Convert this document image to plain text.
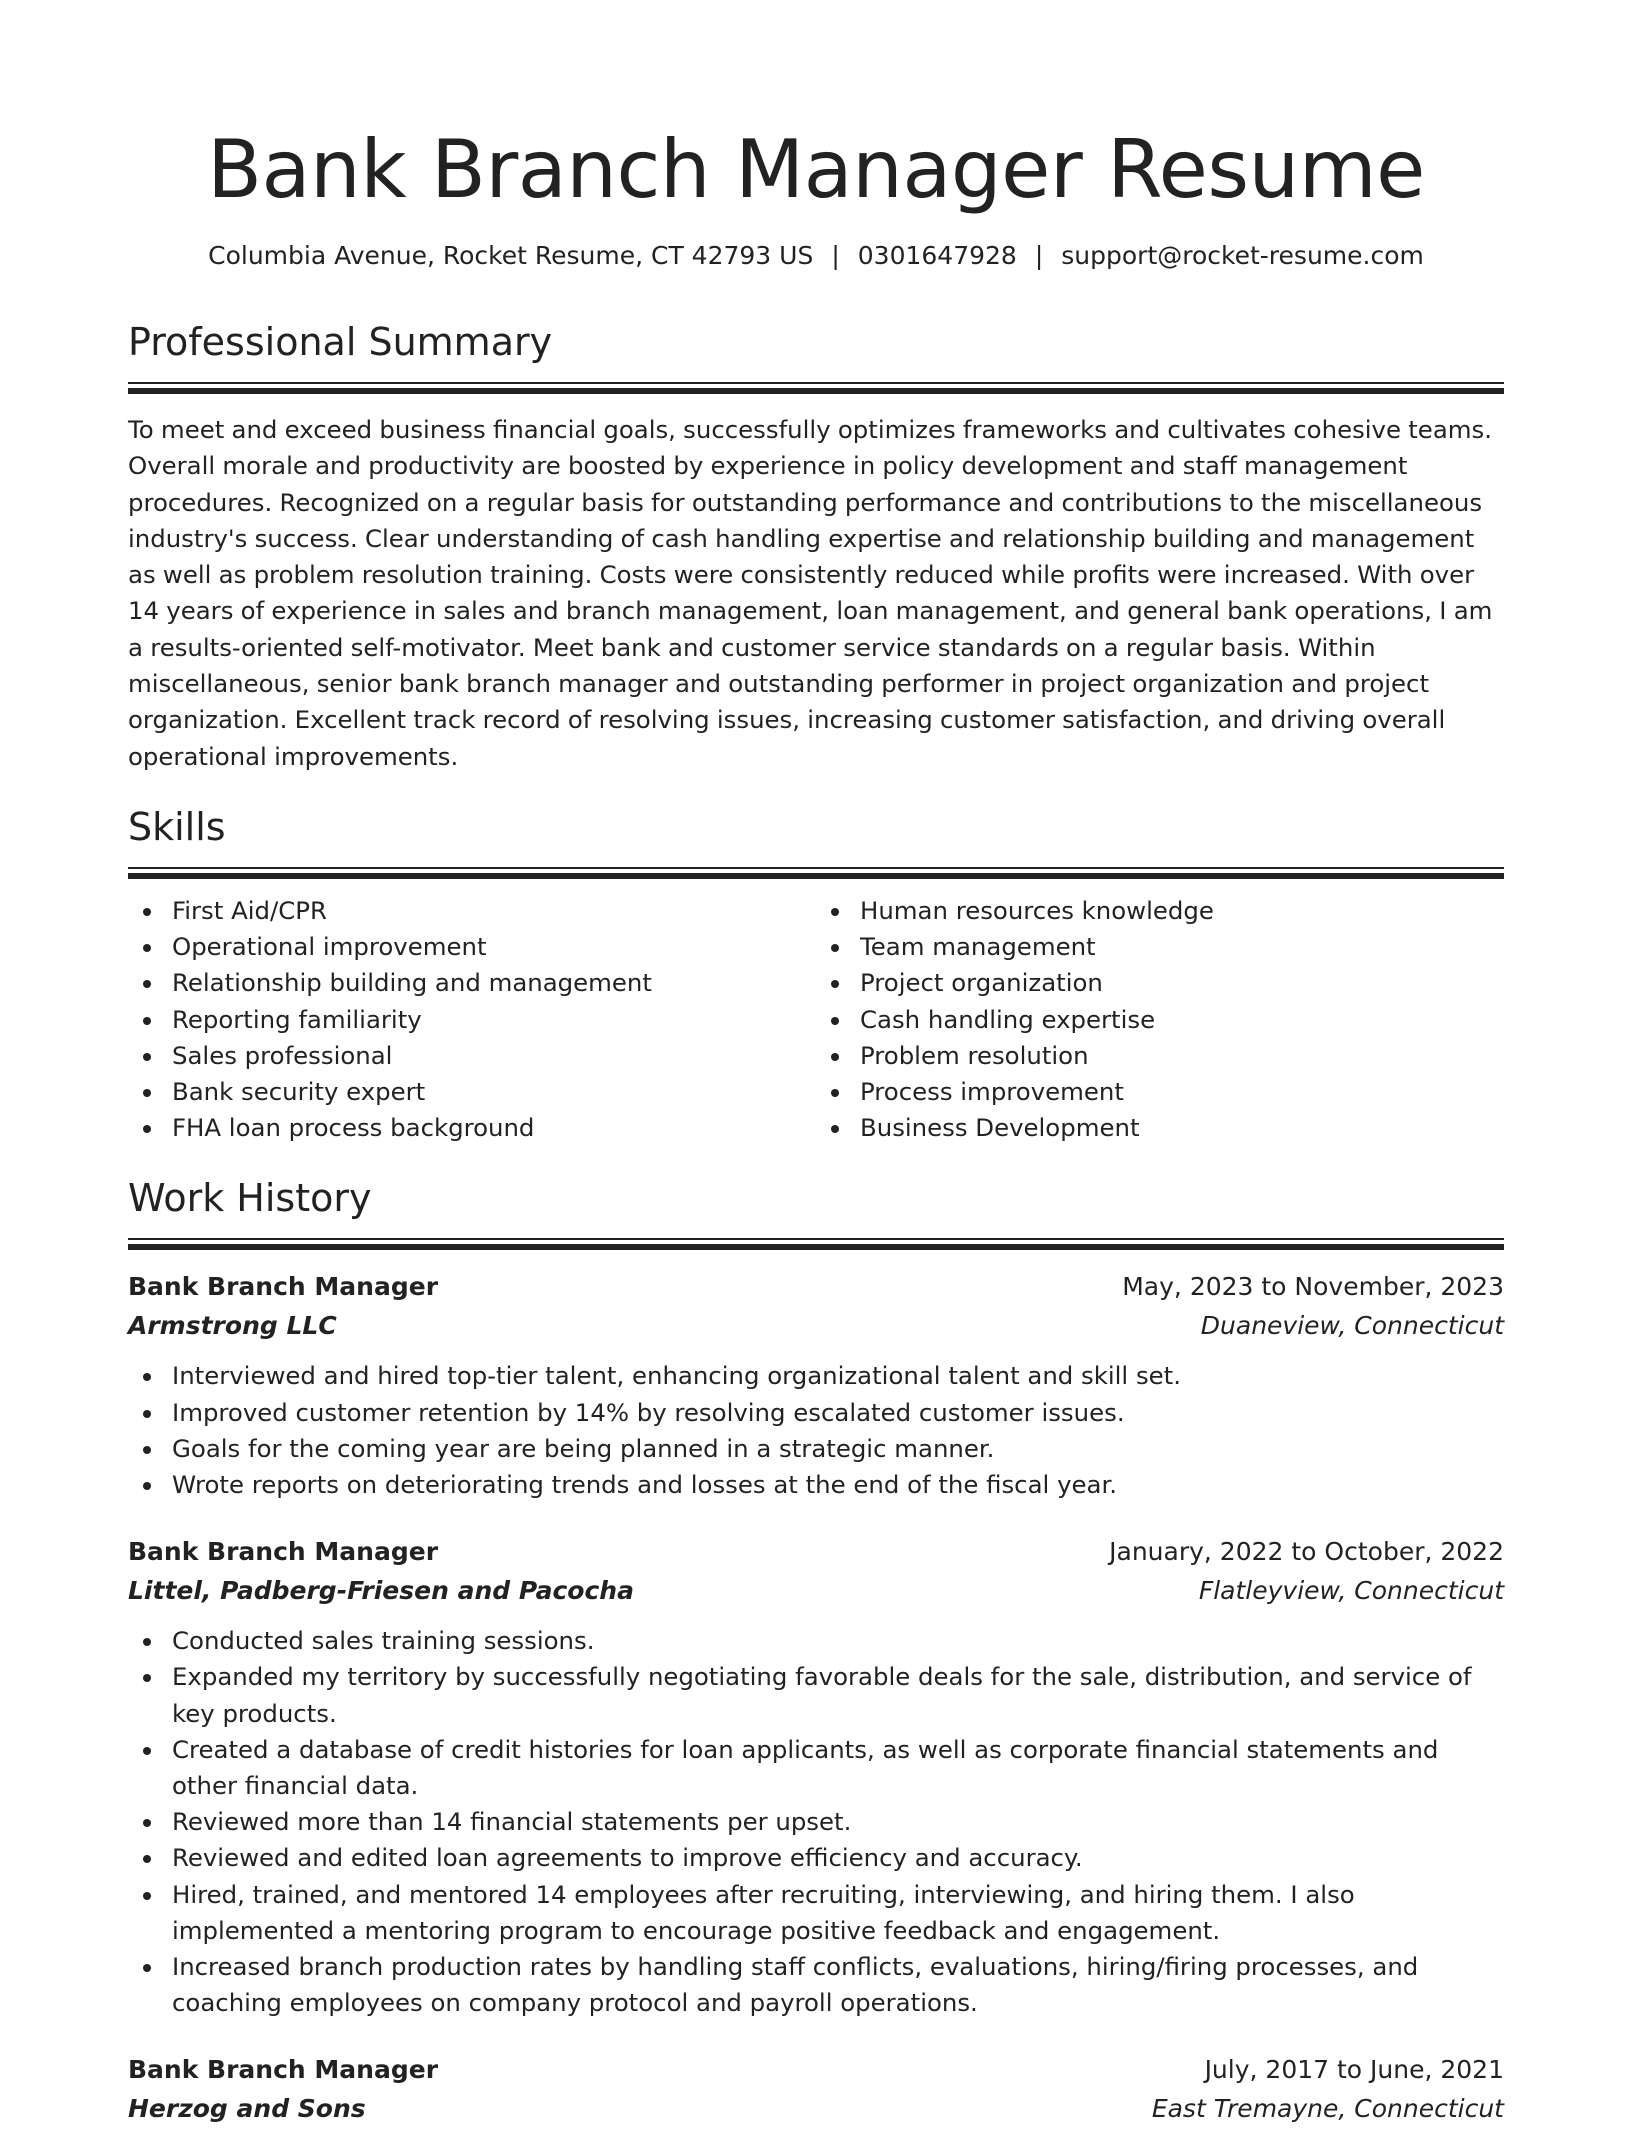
Bank Branch Manager Resume
Columbia Avenue, Rocket Resume, CT 42793 US | 0301647928 | support@rocket-resume.com
Professional Summary

To meet and exceed business financial goals, successfully optimizes frameworks and cultivates cohesive teams. Overall morale and productivity are boosted by experience in policy development and staff management procedures. Recognized on a regular basis for outstanding performance and contributions to the miscellaneous industry's success. Clear understanding of cash handling expertise and relationship building and management as well as problem resolution training. Costs were consistently reduced while profits were increased. With over 14 years of experience in sales and branch management, loan management, and general bank operations, I am a results-oriented self-motivator. Meet bank and customer service standards on a regular basis. Within miscellaneous, senior bank branch manager and outstanding performer in project organization and project organization. Excellent track record of resolving issues, increasing customer satisfaction, and driving overall operational improvements.

Skills
First Aid/CPR
Operational improvement
Relationship building and management
Reporting familiarity
Sales professional
Bank security expert
FHA loan process background
Human resources knowledge
Team management
Project organization
Cash handling expertise
Problem resolution
Process improvement
Business Development
Work History
Bank Branch Manager	May, 2023 to November, 2023
Armstrong LLC	Duaneview, Connecticut
Interviewed and hired top-tier talent, enhancing organizational talent and skill set.
Improved customer retention by 14% by resolving escalated customer issues.
Goals for the coming year are being planned in a strategic manner.
Wrote reports on deteriorating trends and losses at the end of the fiscal year.
Bank Branch Manager	January, 2022 to October, 2022
Littel, Padberg-Friesen and Pacocha	Flatleyview, Connecticut
Conducted sales training sessions.
Expanded my territory by successfully negotiating favorable deals for the sale, distribution, and service of key products.
Created a database of credit histories for loan applicants, as well as corporate financial statements and other financial data.
Reviewed more than 14 financial statements per upset.
Reviewed and edited loan agreements to improve efficiency and accuracy.
Hired, trained, and mentored 14 employees after recruiting, interviewing, and hiring them. I also implemented a mentoring program to encourage positive feedback and engagement.
Increased branch production rates by handling staff conflicts, evaluations, hiring/firing processes, and coaching employees on company protocol and payroll operations.
Bank Branch Manager	July, 2017 to June, 2021
Herzog and Sons	East Tremayne, Connecticut
